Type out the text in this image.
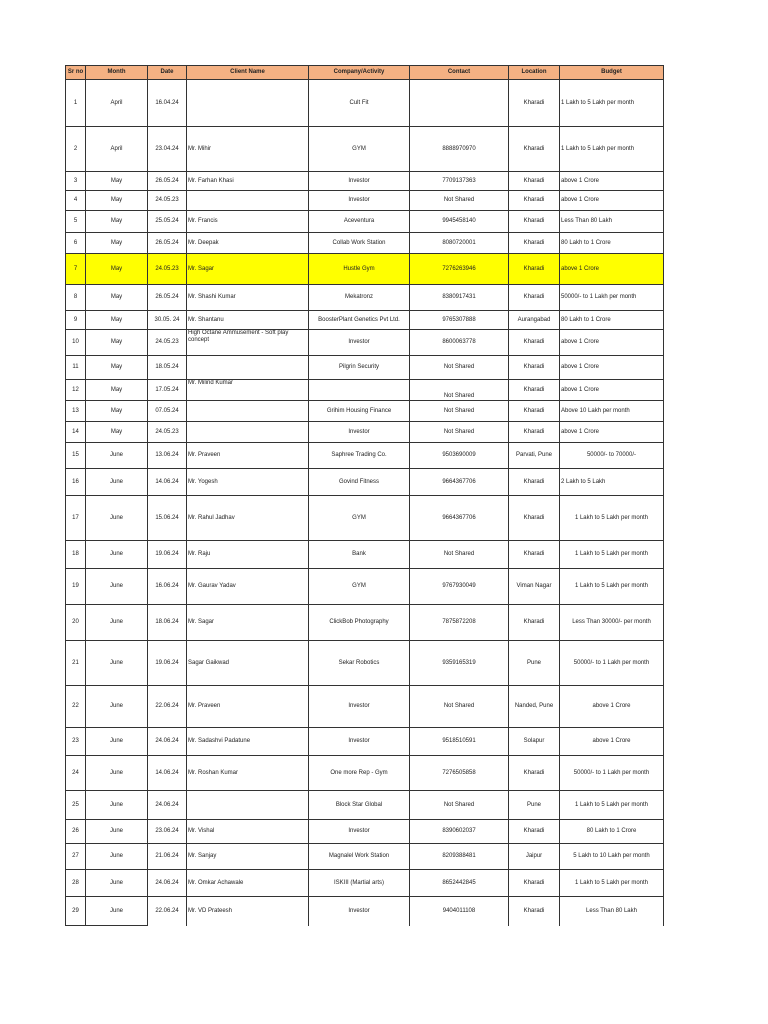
Sr no	Month	Date	Client Name	Company/Activity	Contact	Location	Budget
1	April	16.04.24		Cult Fit		Kharadi	1 Lakh to 5 Lakh per month
2	April	23.04.24	Mr. Mihir	GYM	8888970970	Kharadi	1 Lakh to 5 Lakh per month
3	May	26.05.24	Mr. Farhan Khasi	Investor	7709137363	Kharadi	above 1 Crore
4	May	24.05.23		Investor	Not Shared	Kharadi	above 1 Crore
5	May	25.05.24	Mr. Francis	Aceventura	9945458140	Kharadi	Less Than 80 Lakh
6	May	26.05.24	Mr. Deepak	Collab Work Station	8080720001	Kharadi	80 Lakh to 1 Crore
7	May	24.05.23	Mr. Sagar	Hustle Gym	7276263946	Kharadi	above 1 Crore
8	May	26.05.24	Mr. Shashi Kumar	Mekatronz	8380917431	Kharadi	50000/- to 1 Lakh per month
9	May	30.05. 24	Mr. Shantanu	BoosterPlant Genetics Pvt Ltd.	9765307888	Aurangabad	80 Lakh to 1 Crore
10	May	24.05.23	High Octane Ammusement - Soft play concept	Investor	8600063778	Kharadi	above 1 Crore
11	May	18.05.24		Pilgrin Security	Not Shared	Kharadi	above 1 Crore
12	May	17.05.24	Mr. Milind Kumar		Not Shared	Kharadi	above 1 Crore
13	May	07.05.24		Grihim Housing Finance	Not Shared	Kharadi	Above 10 Lakh per month
14	May	24.05.23		Investor	Not Shared	Kharadi	above 1 Crore
15	June	13.06.24	Mr. Praveen	Saphree Trading Co.	9503690009	Parvati, Pune	50000/- to 70000/-
16	June	14.06.24	Mr. Yogesh	Govind Fitness	9664367706	Kharadi	2 Lakh to 5 Lakh
17	June	15.06.24	Mr. Rahul Jadhav	GYM	9664367706	Kharadi	1 Lakh to 5 Lakh per month
18	June	19.06.24	Mr. Raju	Bank	Not Shared	Kharadi	1 Lakh to 5 Lakh per month
19	June	16.06.24	Mr. Gaurav Yadav	GYM	9767930049	Viman Nagar	1 Lakh to 5 Lakh per month
20	June	18.06.24	Mr. Sagar	ClickBob Photography	7875872208	Kharadi	Less Than 30000/- per month
21	June	19.06.24	Sagar Gaikwad	Sekar Robotics	9359165319	Pune	50000/- to 1 Lakh per month
22	June	22.06.24	Mr. Praveen	Investor	Not Shared	Nanded, Pune	above 1 Crore
23	June	24.06.24	Mr. Sadashvi Padatune	Investor	9518510591	Solapur	above 1 Crore
24	June	14.06.24	Mr. Roshan Kumar	One more Rep - Gym	7276505858	Kharadi	50000/- to 1 Lakh per month
25	June	24.06.24		Block Star Global	Not Shared	Pune	1 Lakh to 5 Lakh per month
26	June	23.06.24	Mr. Vishal	Investor	8390602037	Kharadi	80 Lakh to 1 Crore
27	June	21.06.24	Mr. Sanjay	Magnalel Work Station	8209388481	Jaipur	5 Lakh to 10 Lakh per month
28	June	24.06.24	Mr. Omkar Achawale	ISKIII (Martial arts)	8652442845	Kharadi	1 Lakh to 5 Lakh per month
29	June	22.06.24	Mr. VD Prateesh	Investor	9404011108	Kharadi	Less Than 80 Lakh
